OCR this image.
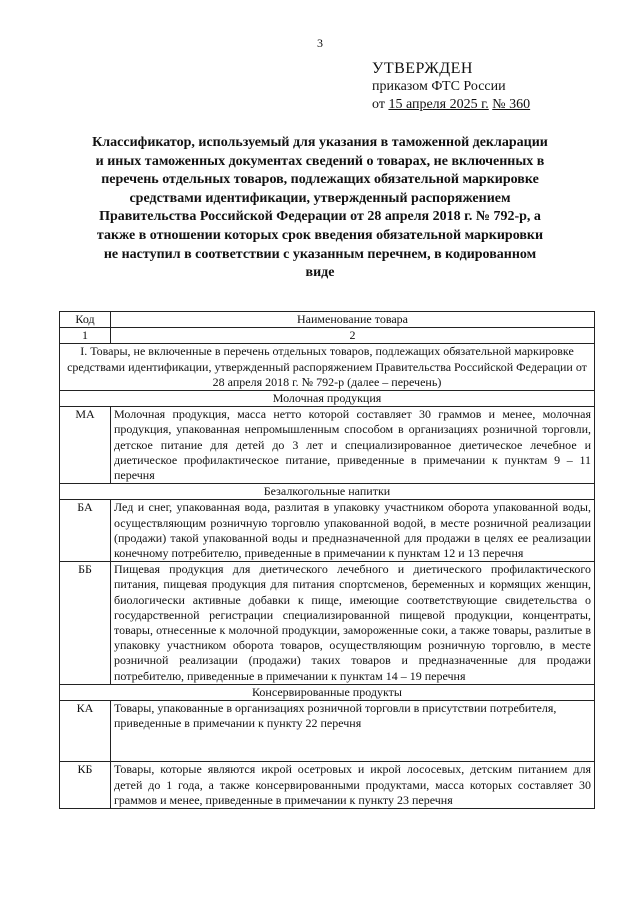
3
УТВЕРЖДЕН
приказом ФТС России
от 15 апреля 2025 г. № 360
Классификатор, используемый для указания в таможенной декларации и иных таможенных документах сведений о товарах, не включенных в перечень отдельных товаров, подлежащих обязательной маркировке средствами идентификации, утвержденный распоряжением Правительства Российской Федерации от 28 апреля 2018 г. № 792-р, а также в отношении которых срок введения обязательной маркировки не наступил в соответствии с указанным перечнем, в кодированном виде
Код	Наименование товара
1	2
I. Товары, не включенные в перечень отдельных товаров, подлежащих обязательной маркировке средствами идентификации, утвержденный распоряжением Правительства Российской Федерации от 28 апреля 2018 г. № 792-р (далее – перечень)	
Молочная продукция	
МА	Молочная продукция, масса нетто которой составляет 30 граммов и менее, молочная продукция, упакованная непромышленным способом в организациях розничной торговли, детское питание для детей до 3 лет и специализированное диетическое лечебное и диетическое профилактическое питание, приведенные в примечании к пунктам 9 – 11 перечня
Безалкогольные напитки	
БА	Лед и снег, упакованная вода, разлитая в упаковку участником оборота упакованной воды, осуществляющим розничную торговлю упакованной водой, в месте розничной реализации (продажи) такой упакованной воды и предназначенной для продажи в целях ее реализации конечному потребителю, приведенные в примечании к пунктам 12 и 13 перечня
ББ	Пищевая продукция для диетического лечебного и диетического профилактического питания, пищевая продукция для питания спортсменов, беременных и кормящих женщин, биологически активные добавки к пище, имеющие соответствующие свидетельства о государственной регистрации специализированной пищевой продукции, концентраты, товары, отнесенные к молочной продукции, замороженные соки, а также товары, разлитые в упаковку участником оборота товаров, осуществляющим розничную торговлю, в месте розничной реализации (продажи) таких товаров и предназначенные для продажи потребителю, приведенные в примечании к пунктам 14 – 19 перечня
Консервированные продукты	
КА	Товары, упакованные в организациях розничной торговли в присутствии потребителя, приведенные в примечании к пункту 22 перечня

КБ	Товары, которые являются икрой осетровых и икрой лососевых, детским питанием для детей до 1 года, а также консервированными продуктами, масса которых составляет 30 граммов и менее, приведенные в примечании к пункту 23 перечня
